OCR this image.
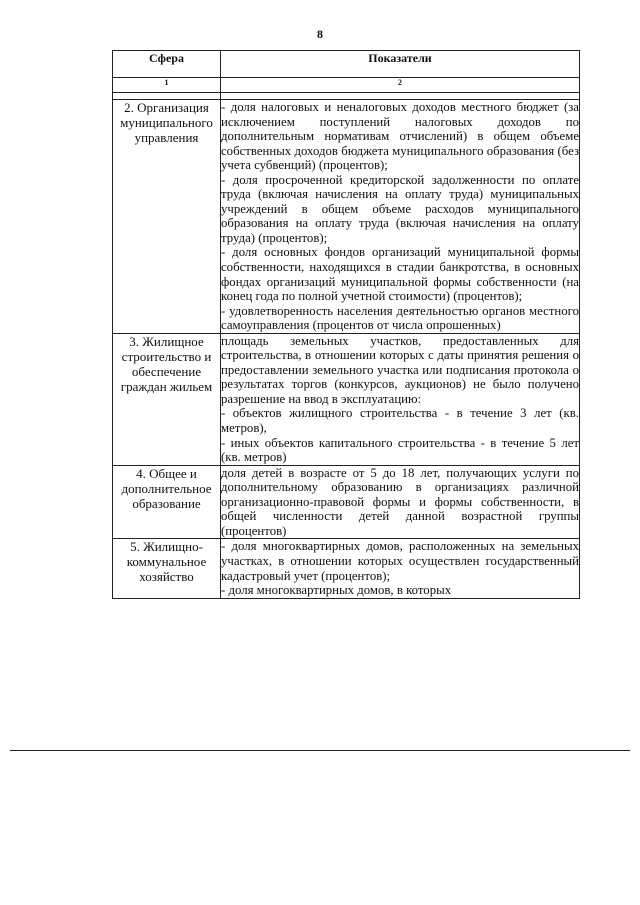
8
Сфера	Показатели
1	2

2. Организация муниципального управления	- доля налоговых и неналоговых доходов местного бюджет (за исключением поступлений налоговых доходов по дополнительным нормативам отчислений) в общем объеме собственных доходов бюджета муниципального образования (без учета субвенций) (процентов);

- доля просроченной кредиторской задолженности по оплате труда (включая начисления на оплату труда) муниципальных учреждений в общем объеме расходов муниципального образования на оплату труда (включая начисления на оплату труда) (процентов);

- доля основных фондов организаций муниципальной формы собственности, находящихся в стадии банкротства, в основных фондах организаций муниципальной формы собственности (на конец года по полной учетной стоимости) (процентов);

- удовлетворенность населения деятельностью органов местного самоуправления (процентов от числа опрошенных)

3. Жилищное строительство и обеспечение граждан жильем	площадь земельных участков, предоставленных для строительства, в отношении которых с даты принятия решения о предоставлении земельного участка или подписания протокола о результатах торгов (конкурсов, аукционов) не было получено разрешение на ввод в эксплуатацию:

- объектов жилищного строительства - в течение 3 лет (кв. метров),

- иных объектов капитального строительства - в течение 5 лет (кв. метров)

4. Общее и дополнительное образование	доля детей в возрасте от 5 до 18 лет, получающих услуги по дополнительному образованию в организациях различной организационно-правовой формы и формы собственности, в общей численности детей данной возрастной группы (процентов)

5. Жилищно-коммунальное хозяйство	- доля многоквартирных домов, расположенных на земельных участках, в отношении которых осуществлен государственный кадастровый учет (процентов);

- доля многоквартирных домов, в которых
